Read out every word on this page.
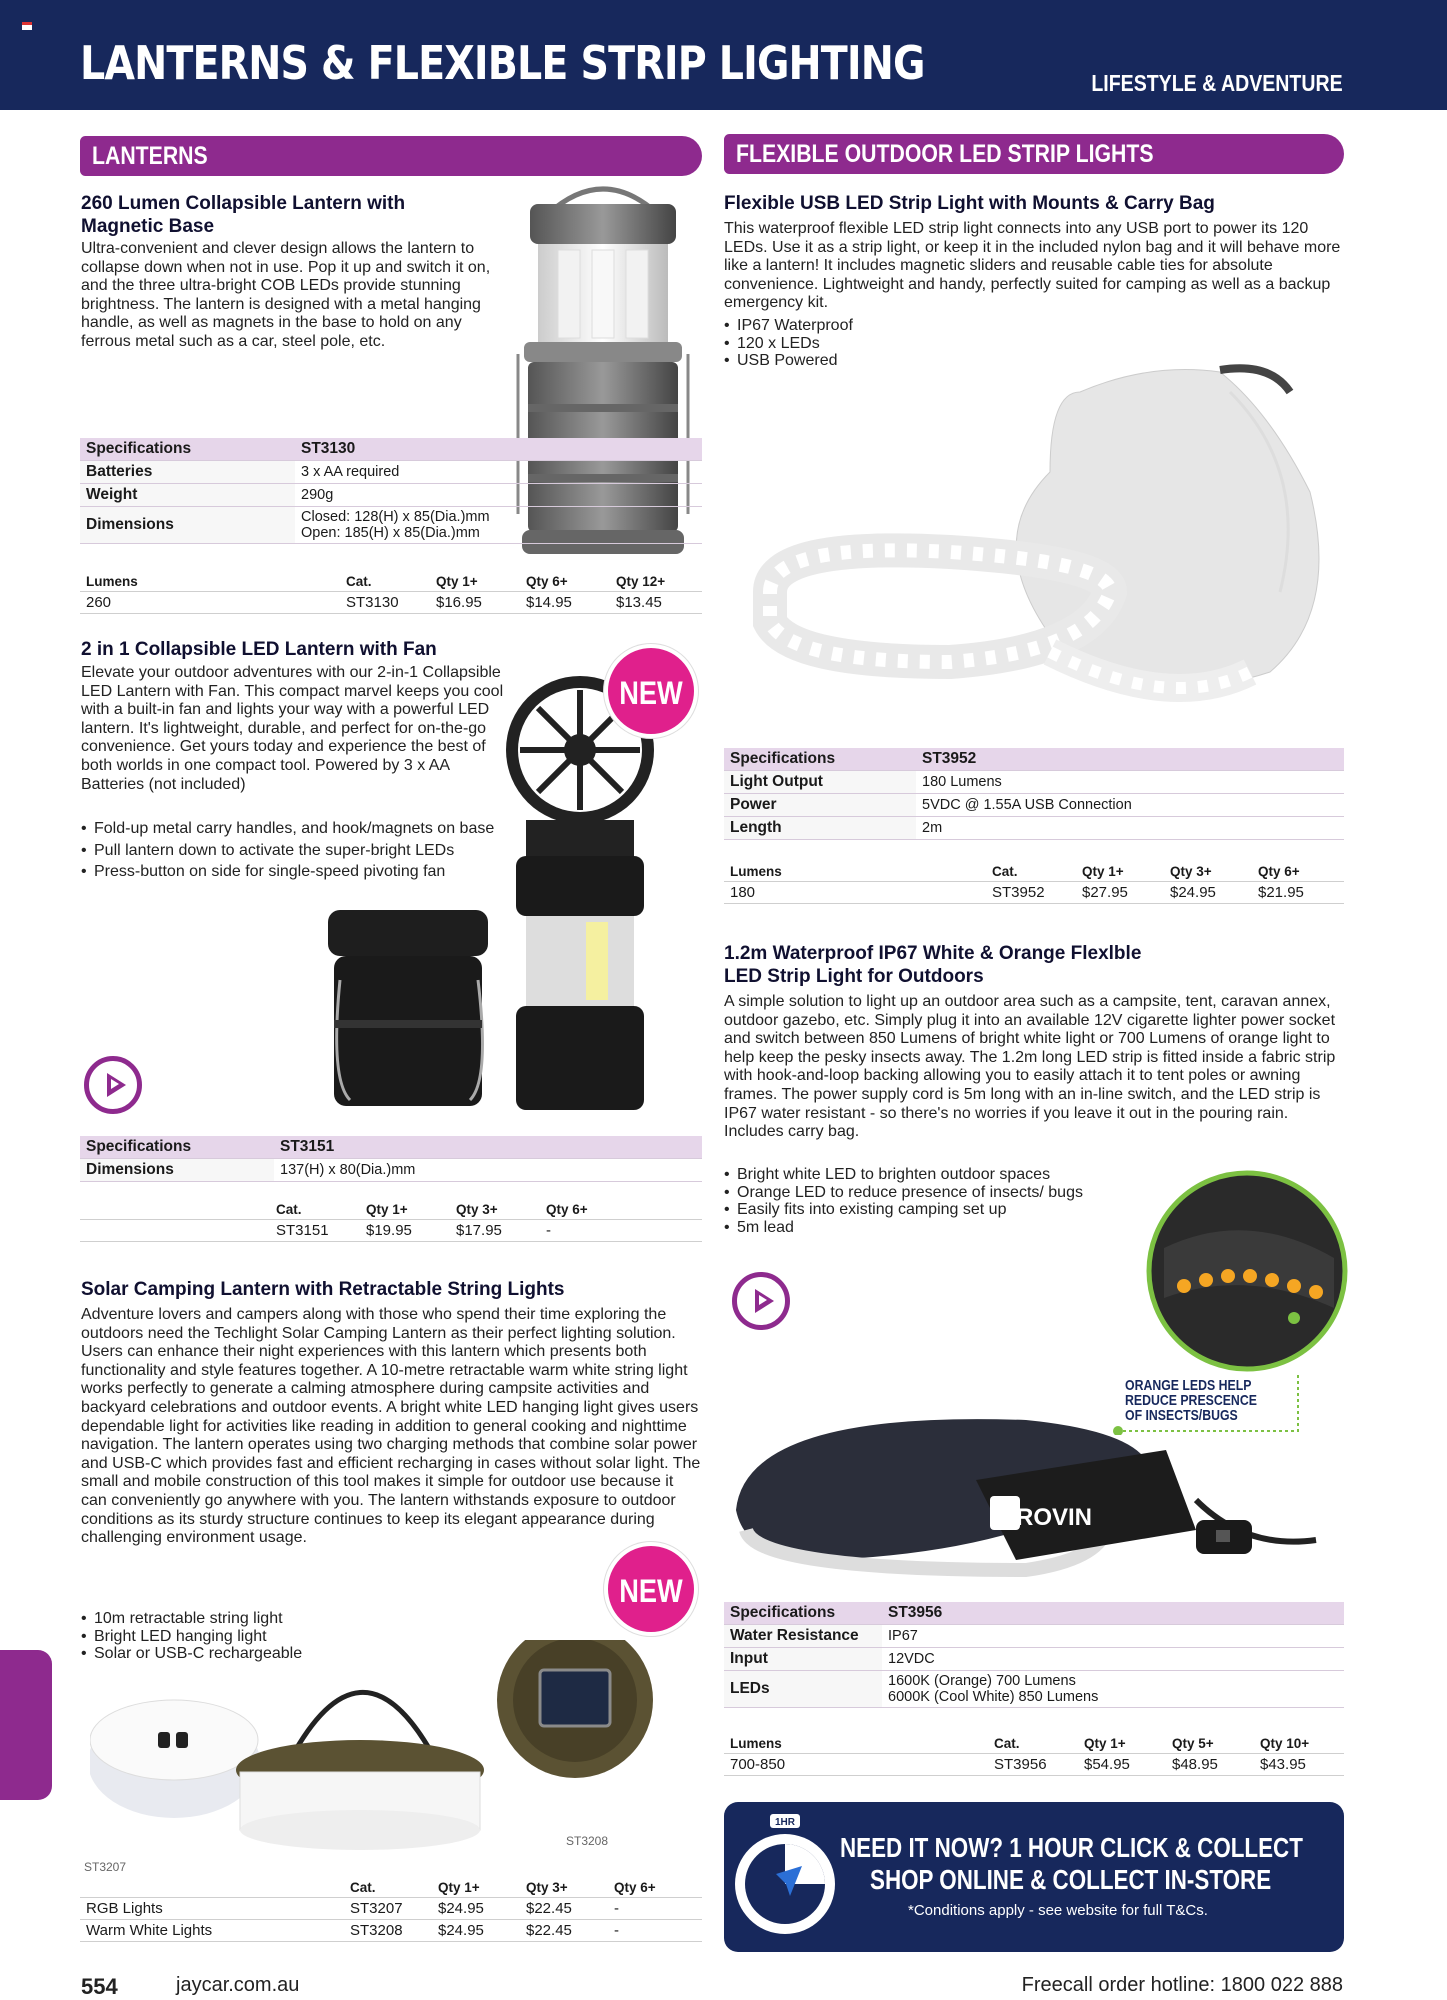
LANTERNS & FLEXIBLE STRIP LIGHTING	LIFESTYLE & ADVENTURE
LANTERNS	FLEXIBLE OUTDOOR LED STRIP LIGHTS
260 Lumen Collapsible Lantern with Magnetic Base
Ultra-convenient and clever design allows the lantern to collapse down when not in use. Pop it up and switch it on, and the three ultra-bright COB LEDs provide stunning brightness. The lantern is designed with a metal hanging handle, as well as magnets in the base to hold on any ferrous metal such as a car, steel pole, etc.
Specifications	ST3130
Batteries	3 x AA required
Weight	290g
Dimensions	Closed: 128(H) x 85(Dia.)mm
Open: 185(H) x 85(Dia.)mm
Lumens	Cat.	Qty 1+	Qty 6+	Qty 12+
260	ST3130	$16.95	$14.95	$13.45
2 in 1 Collapsible LED Lantern with Fan
Elevate your outdoor adventures with our 2-in-1 Collapsible LED Lantern with Fan. This compact marvel keeps you cool with a built-in fan and lights your way with a powerful LED lantern. It's lightweight, durable, and perfect for on-the-go convenience. Get yours today and experience the best of both worlds in one compact tool. Powered by 3 x AA Batteries (not included)
• Fold-up metal carry handles, and hook/magnets on base
• Pull lantern down to activate the super-bright LEDs
• Press-button on side for single-speed pivoting fan
NEW
Specifications	ST3151
Dimensions	137(H) x 80(Dia.)mm
	Cat.	Qty 1+	Qty 3+	Qty 6+
	ST3151	$19.95	$17.95	-
Solar Camping Lantern with Retractable String Lights
Adventure lovers and campers along with those who spend their time exploring the outdoors need the Techlight Solar Camping Lantern as their perfect lighting solution. Users can enhance their night experiences with this lantern which presents both functionality and style features together. A 10-metre retractable warm white string light works perfectly to generate a calming atmosphere during campsite activities and backyard celebrations and outdoor events. A bright white LED hanging light gives users dependable light for activities like reading in addition to general cooking and nighttime navigation. The lantern operates using two charging methods that combine solar power and USB-C which provides fast and efficient recharging in cases without solar light. The small and mobile construction of this tool makes it simple for outdoor use because it can conveniently go anywhere with you. The lantern withstands exposure to outdoor conditions as its sturdy structure continues to keep its elegant appearance during challenging environment usage.
• 10m retractable string light
• Bright LED hanging light
• Solar or USB-C rechargeable
NEW
ST3207
ST3208
	Cat.	Qty 1+	Qty 3+	Qty 6+
RGB Lights	ST3207	$24.95	$22.45	-
Warm White Lights	ST3208	$24.95	$22.45	-
Flexible USB LED Strip Light with Mounts & Carry Bag
This waterproof flexible LED strip light connects into any USB port to power its 120 LEDs. Use it as a strip light, or keep it in the included nylon bag and it will behave more like a lantern! It includes magnetic sliders and reusable cable ties for absolute convenience. Lightweight and handy, perfectly suited for camping as well as a backup emergency kit.
• IP67 Waterproof
• 120 x LEDs
• USB Powered
Specifications	ST3952
Light Output	180 Lumens
Power	5VDC @ 1.55A USB Connection
Length	2m
Lumens	Cat.	Qty 1+	Qty 3+	Qty 6+
180	ST3952	$27.95	$24.95	$21.95
1.2m Waterproof IP67 White & Orange Flexlble LED Strip Light for Outdoors
A simple solution to light up an outdoor area such as a campsite, tent, caravan annex, outdoor gazebo, etc. Simply plug it into an available 12V cigarette lighter power socket and switch between 850 Lumens of bright white light or 700 Lumens of orange light to help keep the pesky insects away. The 1.2m long LED strip is fitted inside a fabric strip with hook-and-loop backing allowing you to easily attach it to tent poles or awning frames. The power supply cord is 5m long with an in-line switch, and the LED strip is IP67 water resistant - so there's no worries if you leave it out in the pouring rain. Includes carry bag.
• Bright white LED to brighten outdoor spaces
• Orange LED to reduce presence of insects/ bugs
• Easily fits into existing camping set up
• 5m lead
ORANGE LEDS HELP REDUCE PRESCENCE OF INSECTS/BUGS
ROVIN
Specifications	ST3956
Water Resistance	IP67
Input	12VDC
LEDs	1600K (Orange) 700 Lumens
6000K (Cool White) 850 Lumens
Lumens	Cat.	Qty 1+	Qty 5+	Qty 10+
700-850	ST3956	$54.95	$48.95	$43.95
1HR
NEED IT NOW? 1 HOUR CLICK & COLLECT
SHOP ONLINE & COLLECT IN-STORE
*Conditions apply - see website for full T&Cs.
554	jaycar.com.au	Freecall order hotline: 1800 022 888
